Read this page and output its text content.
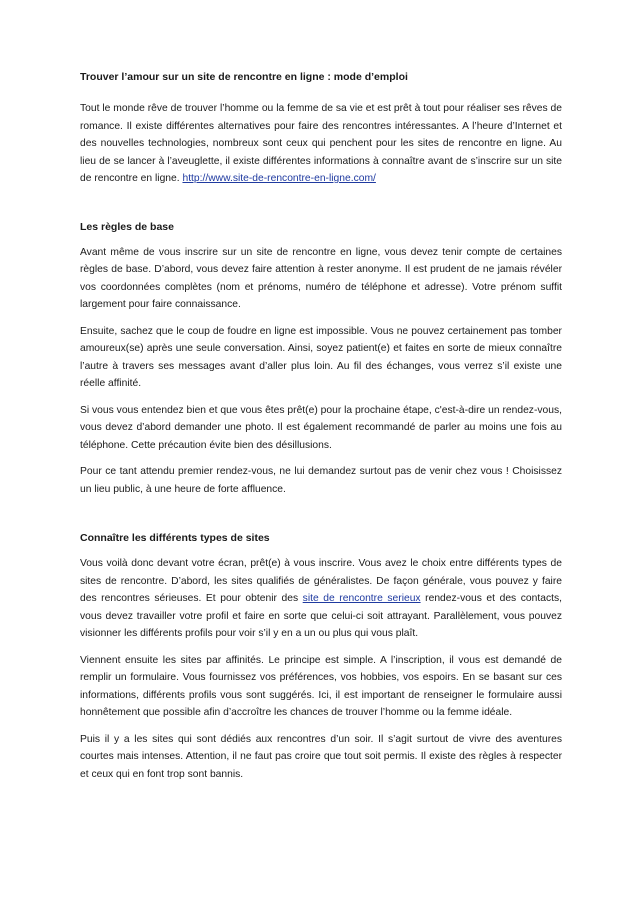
Trouver l’amour sur un site de rencontre en ligne : mode d’emploi

Tout le monde rêve de trouver l’homme ou la femme de sa vie et est prêt à tout pour réaliser ses rêves de romance. Il existe différentes alternatives pour faire des rencontres intéressantes. A l’heure d’Internet et des nouvelles technologies, nombreux sont ceux qui penchent pour les sites de rencontre en ligne. Au lieu de se lancer à l’aveuglette, il existe différentes informations à connaître avant de s’inscrire sur un site de rencontre en ligne. http://www.site-de-rencontre-en-ligne.com/

Les règles de base

Avant même de vous inscrire sur un site de rencontre en ligne, vous devez tenir compte de certaines règles de base. D’abord, vous devez faire attention à rester anonyme. Il est prudent de ne jamais révéler vos coordonnées complètes (nom et prénoms, numéro de téléphone et adresse). Votre prénom suffit largement pour faire connaissance.

Ensuite, sachez que le coup de foudre en ligne est impossible. Vous ne pouvez certainement pas tomber amoureux(se) après une seule conversation. Ainsi, soyez patient(e) et faites en sorte de mieux connaître l’autre à travers ses messages avant d’aller plus loin. Au fil des échanges, vous verrez s’il existe une réelle affinité.

Si vous vous entendez bien et que vous êtes prêt(e) pour la prochaine étape, c'est-à-dire un rendez-vous, vous devez d’abord demander une photo. Il est également recommandé de parler au moins une fois au téléphone. Cette précaution évite bien des désillusions.

Pour ce tant attendu premier rendez-vous, ne lui demandez surtout pas de venir chez vous ! Choisissez un lieu public, à une heure de forte affluence.

Connaître les différents types de sites

Vous voilà donc devant votre écran, prêt(e) à vous inscrire. Vous avez le choix entre différents types de sites de rencontre. D’abord, les sites qualifiés de généralistes. De façon générale, vous pouvez y faire des rencontres sérieuses. Et pour obtenir des site de rencontre serieux rendez-vous et des contacts, vous devez travailler votre profil et faire en sorte que celui-ci soit attrayant. Parallèlement, vous pouvez visionner les différents profils pour voir s’il y en a un ou plus qui vous plaît.

Viennent ensuite les sites par affinités. Le principe est simple. A l’inscription, il vous est demandé de remplir un formulaire. Vous fournissez vos préférences, vos hobbies, vos espoirs. En se basant sur ces informations, différents profils vous sont suggérés. Ici, il est important de renseigner le formulaire aussi honnêtement que possible afin d’accroître les chances de trouver l’homme ou la femme idéale.

Puis il y a les sites qui sont dédiés aux rencontres d’un soir. Il s’agit surtout de vivre des aventures courtes mais intenses. Attention, il ne faut pas croire que tout soit permis. Il existe des règles à respecter et ceux qui en font trop sont bannis.
